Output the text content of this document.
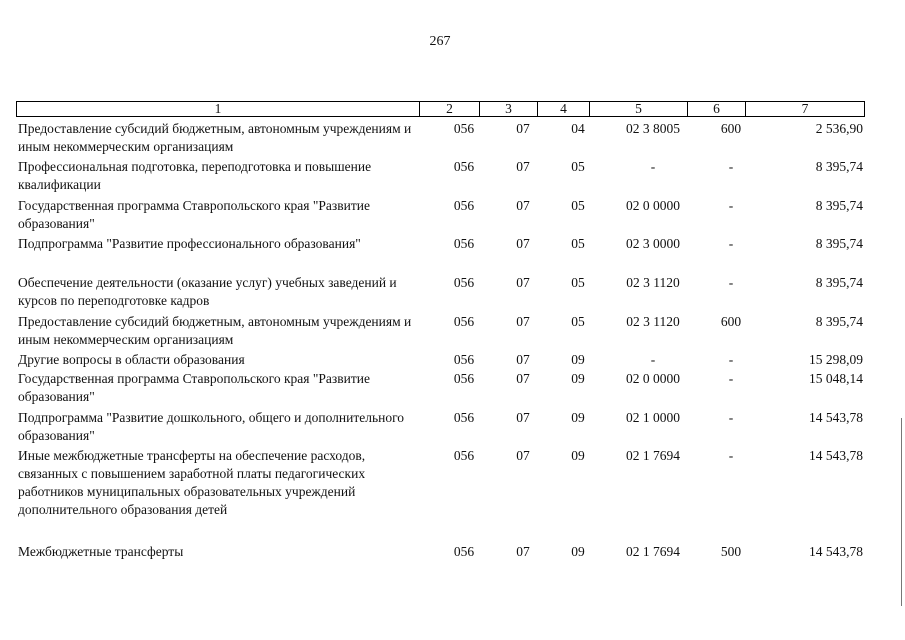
267
1	2	3	4	5	6	7
Предоставление субсидий бюджетным, автономным учреждениям и иным некоммерческим организациям
056	07	04	02 3 8005	600	2 536,90
Профессиональная подготовка, переподготовка и повышение квалификации
056	07	05	-	-	8 395,74
Государственная программа Ставропольского края "Развитие образования"
056	07	05	02 0 0000	-	8 395,74
Подпрограмма "Развитие профессионального образования"	056	07	05	02 3 0000	-	8 395,74
Обеспечение деятельности (оказание услуг) учебных заведений и курсов по переподготовке кадров
056	07	05	02 3 1120	-	8 395,74
Предоставление субсидий бюджетным, автономным учреждениям и иным некоммерческим организациям
056	07	05	02 3 1120	600	8 395,74
Другие вопросы в области образования	056	07	09	-	-	15 298,09
Государственная программа Ставропольского края "Развитие образования"
056	07	09	02 0 0000	-	15 048,14
Подпрограмма "Развитие дошкольного, общего и дополнительного образования"
056	07	09	02 1 0000	-	14 543,78
Иные межбюджетные трансферты на обеспечение расходов, связанных с повышением заработной платы педагогических работников муниципальных образовательных учреждений дополнительного образования детей
056	07	09	02 1 7694	-	14 543,78
Межбюджетные трансферты	056	07	09	02 1 7694	500	14 543,78
